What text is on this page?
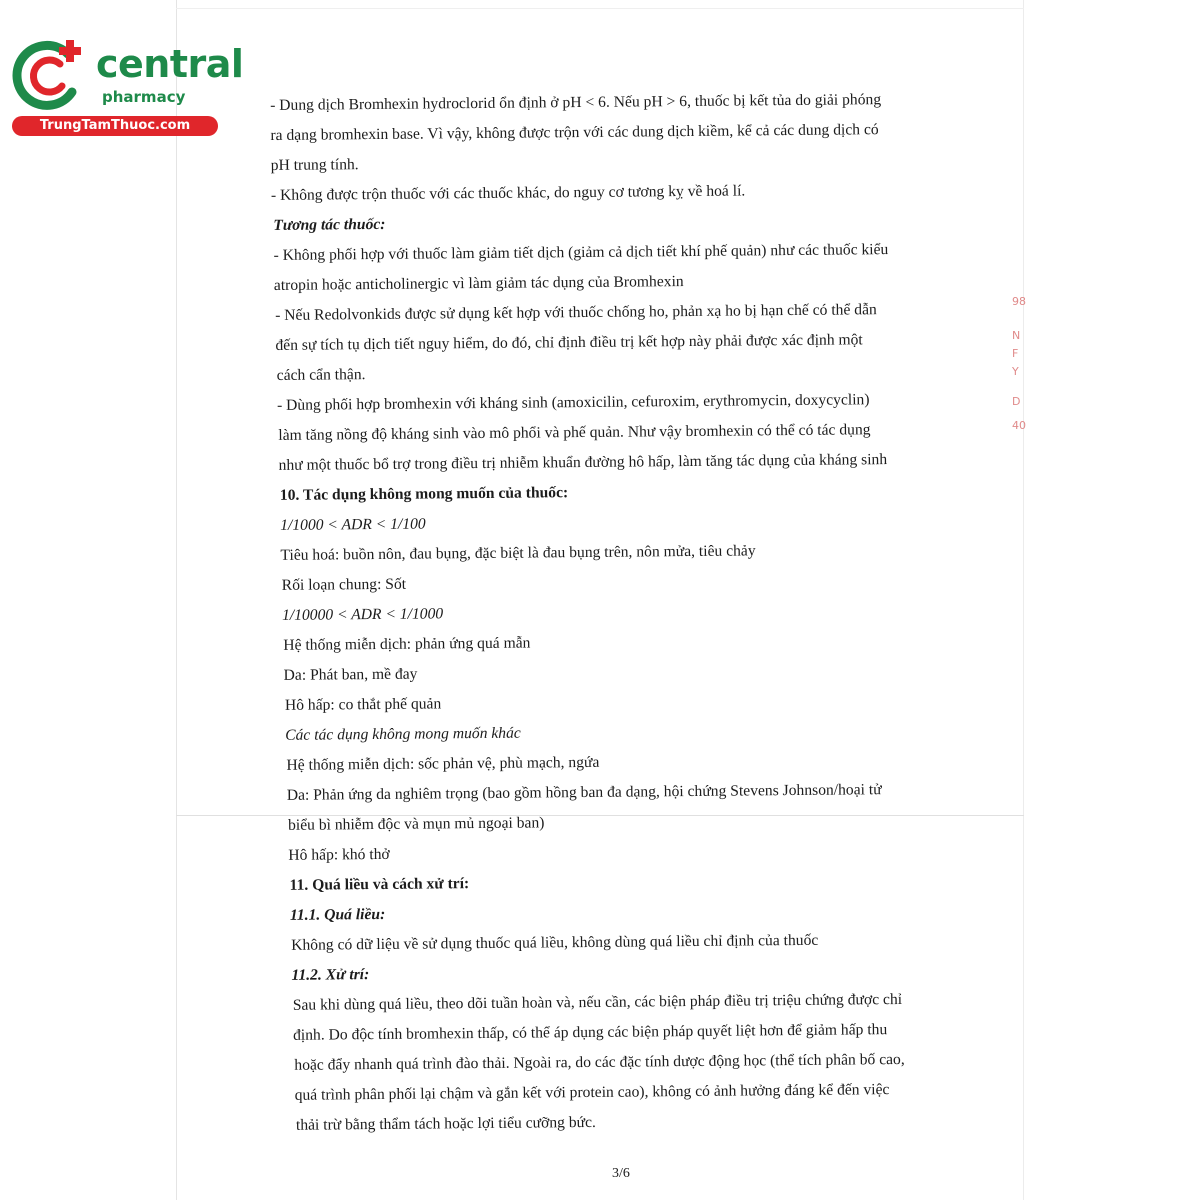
central
pharmacy
TrungTamThuoc.com
98
N
F
Y
D
40
- Dung dịch Bromhexin hydroclorid ổn định ở pH < 6. Nếu pH > 6, thuốc bị kết tủa do giải phóng
ra dạng bromhexin base. Vì vậy, không được trộn với các dung dịch kiềm, kể cả các dung dịch có
pH trung tính.
- Không được trộn thuốc với các thuốc khác, do nguy cơ tương kỵ về hoá lí.
Tương tác thuốc:
- Không phối hợp với thuốc làm giảm tiết dịch (giảm cả dịch tiết khí phế quản) như các thuốc kiểu
atropin hoặc anticholinergic vì làm giảm tác dụng của Bromhexin
- Nếu Redolvonkids được sử dụng kết hợp với thuốc chống ho, phản xạ ho bị hạn chế có thể dẫn
đến sự tích tụ dịch tiết nguy hiểm, do đó, chỉ định điều trị kết hợp này phải được xác định một
cách cẩn thận.
- Dùng phối hợp bromhexin với kháng sinh (amoxicilin, cefuroxim, erythromycin, doxycyclin)
làm tăng nồng độ kháng sinh vào mô phổi và phế quản. Như vậy bromhexin có thể có tác dụng
như một thuốc bổ trợ trong điều trị nhiễm khuẩn đường hô hấp, làm tăng tác dụng của kháng sinh
10. Tác dụng không mong muốn của thuốc:
1/1000 < ADR < 1/100
Tiêu hoá: buồn nôn, đau bụng, đặc biệt là đau bụng trên, nôn mửa, tiêu chảy
Rối loạn chung: Sốt
1/10000 < ADR < 1/1000
Hệ thống miễn dịch: phản ứng quá mẫn
Da: Phát ban, mề đay
Hô hấp: co thắt phế quản
Các tác dụng không mong muốn khác
Hệ thống miễn dịch: sốc phản vệ, phù mạch, ngứa
Da: Phản ứng da nghiêm trọng (bao gồm hồng ban đa dạng, hội chứng Stevens Johnson/hoại tử
biểu bì nhiễm độc và mụn mủ ngoại ban)
Hô hấp: khó thở
11. Quá liều và cách xử trí:
11.1. Quá liều:
Không có dữ liệu về sử dụng thuốc quá liều, không dùng quá liều chỉ định của thuốc
11.2. Xử trí:
Sau khi dùng quá liều, theo dõi tuần hoàn và, nếu cần, các biện pháp điều trị triệu chứng được chỉ
định. Do độc tính bromhexin thấp, có thể áp dụng các biện pháp quyết liệt hơn để giảm hấp thu
hoặc đẩy nhanh quá trình đào thải. Ngoài ra, do các đặc tính dược động học (thể tích phân bố cao,
quá trình phân phối lại chậm và gắn kết với protein cao), không có ảnh hưởng đáng kể đến việc
thải trừ bằng thẩm tách hoặc lợi tiểu cưỡng bức.
3/6
